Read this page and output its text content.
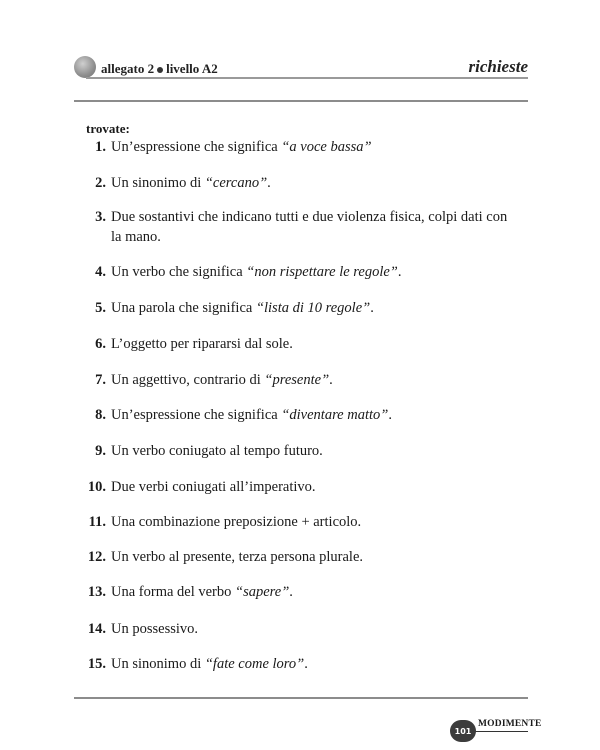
allegato 2 livello A2	richieste
trovate:
1. Un’espressione che significa “a voce bassa”
2. Un sinonimo di “cercano”.
3. Due sostantivi che indicano tutti e due violenza fisica, colpi dati con
la mano.
4. Un verbo che significa “non rispettare le regole”.
5. Una parola che significa “lista di 10 regole”.
6. L’oggetto per ripararsi dal sole.
7. Un aggettivo, contrario di “presente”.
8. Un’espressione che significa “diventare matto”.
9. Un verbo coniugato al tempo futuro.
10. Due verbi coniugati all’imperativo.
11. Una combinazione preposizione + articolo.
12. Un verbo al presente, terza persona plurale.
13. Una forma del verbo “sapere”.
14. Un possessivo.
15. Un sinonimo di “fate come loro”.
101
MODIMENTE
